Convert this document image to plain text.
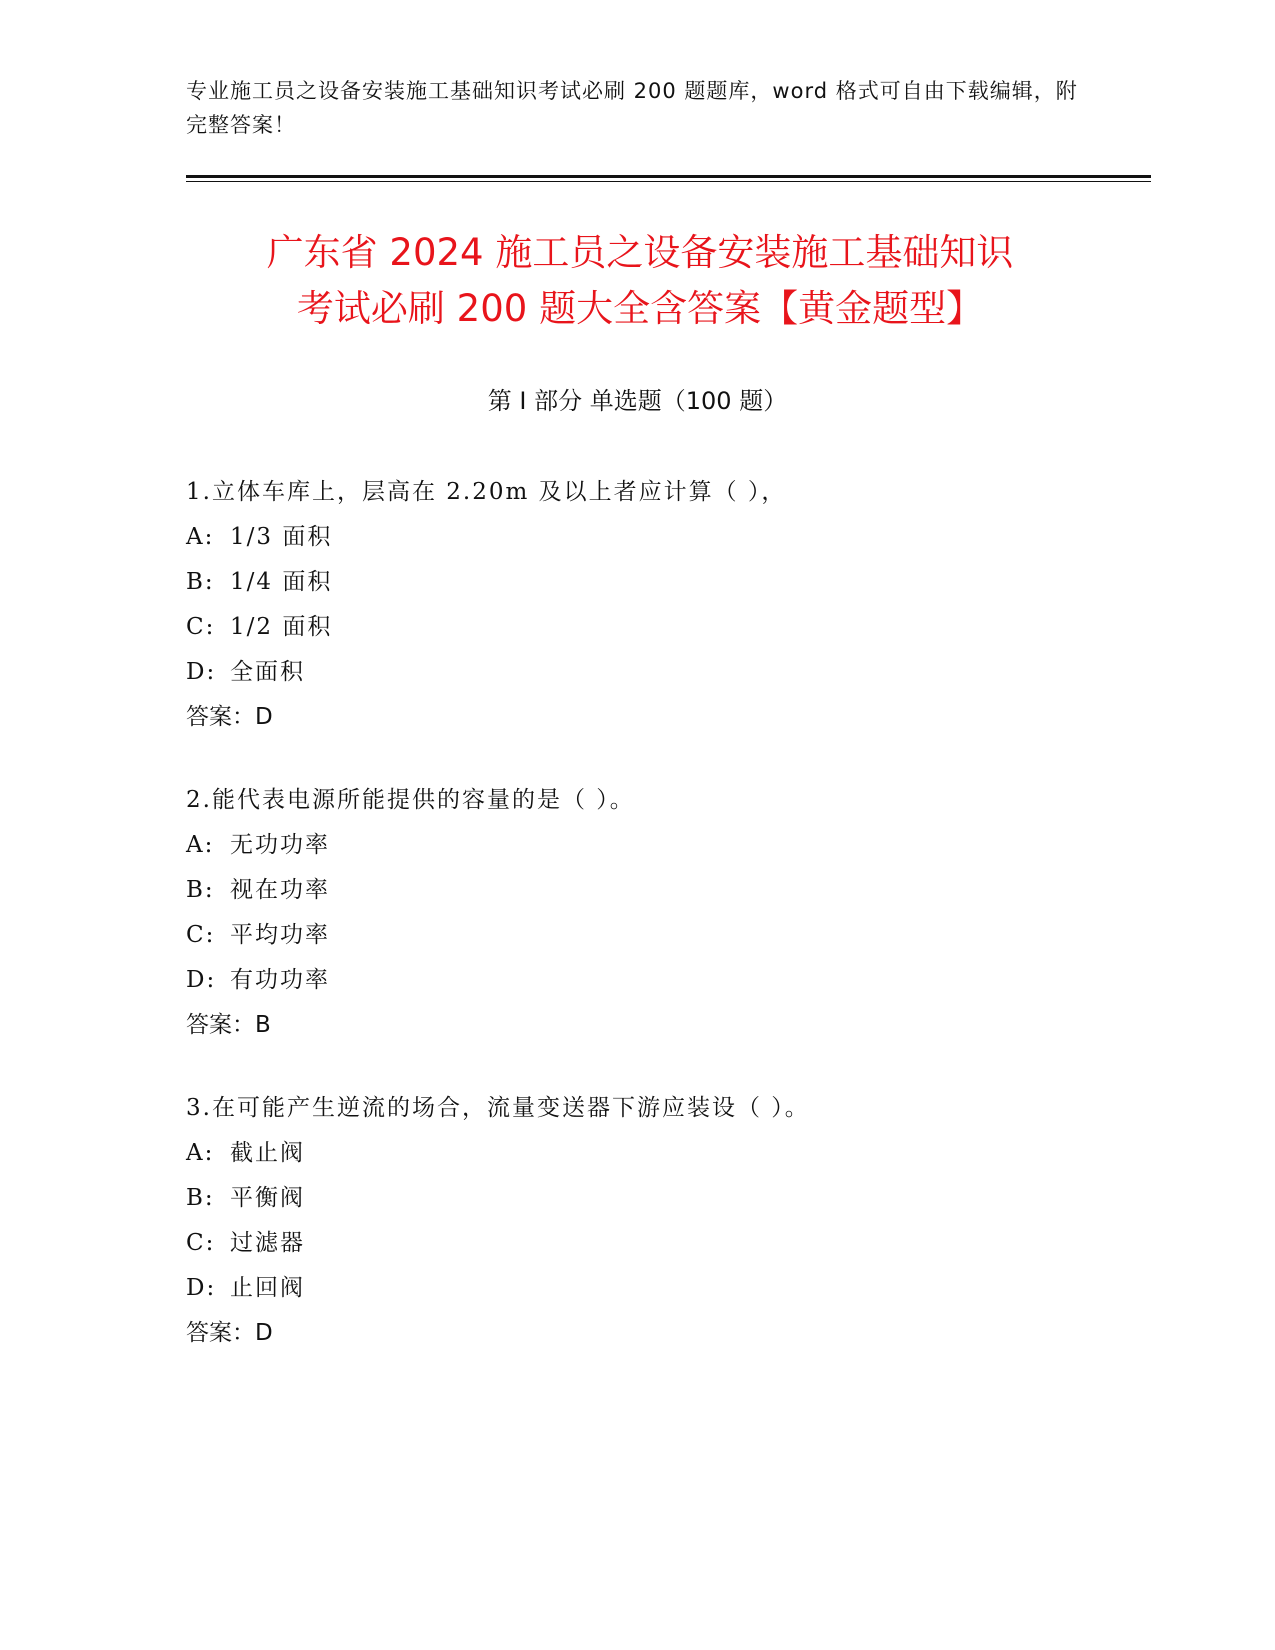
专业施工员之设备安装施工基础知识考试必刷 200 题题库，word 格式可自由下载编辑，附完整答案！
广东省 2024 施工员之设备安装施工基础知识
考试必刷 200 题大全含答案【黄金题型】
第 I 部分 单选题（100 题）
1.立体车库上，层高在 2.20m 及以上者应计算（ ），
A: 1/3 面积
B: 1/4 面积
C: 1/2 面积
D: 全面积
答案：D
2.能代表电源所能提供的容量的是（ ）。
A: 无功功率
B: 视在功率
C: 平均功率
D: 有功功率
答案：B
3.在可能产生逆流的场合，流量变送器下游应装设（ ）。
A: 截止阀
B: 平衡阀
C: 过滤器
D: 止回阀
答案：D
